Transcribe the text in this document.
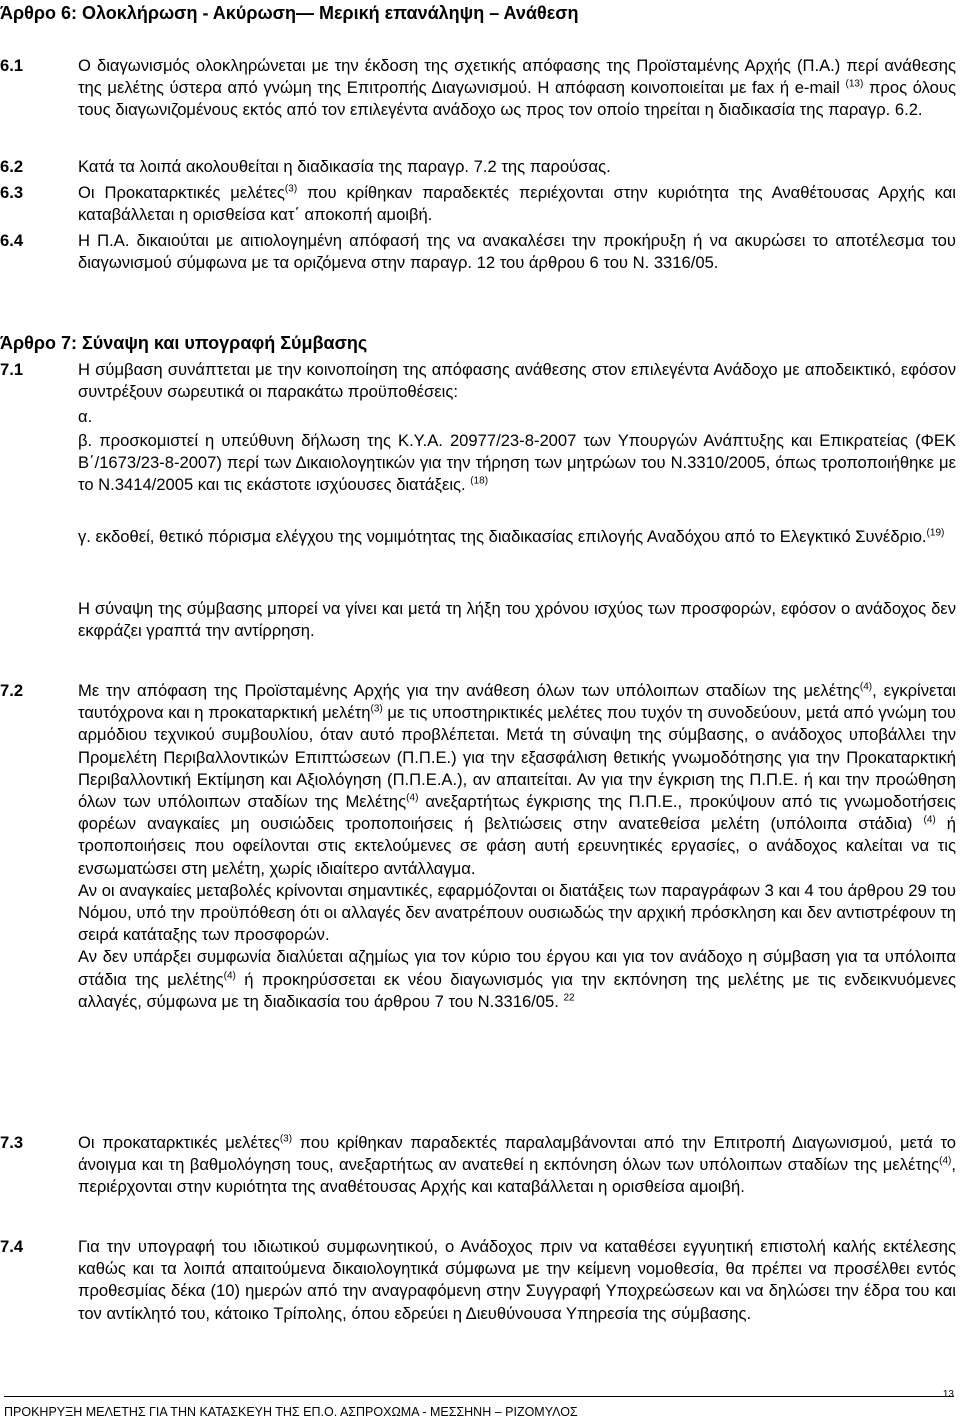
Άρθρο 6: Ολοκλήρωση - Ακύρωση— Μερική επανάληψη – Ανάθεση
6.1	Ο διαγωνισμός ολοκληρώνεται με την έκδοση της σχετικής απόφασης της Προϊσταμένης Αρχής (Π.Α.) περί ανάθεσης της μελέτης ύστερα από γνώμη της Επιτροπής Διαγωνισμού. Η απόφαση κοινοποιείται με fax ή e-mail $^{(13)}$ προς όλους τους διαγωνιζομένους εκτός από τον επιλεγέντα ανάδοχο ως προς τον οποίο τηρείται η διαδικασία της παραγρ. 6.2.
6.2	Κατά τα λοιπά ακολουθείται η διαδικασία της παραγρ. 7.2 της παρούσας.
6.3	Οι Προκαταρκτικές μελέτες$^{(3)}$ που κρίθηκαν παραδεκτές περιέχονται στην κυριότητα της Αναθέτουσας Αρχής και καταβάλλεται η ορισθείσα κατ΄ αποκοπή αμοιβή.
6.4	Η Π.Α. δικαιούται με αιτιολογημένη απόφασή της να ανακαλέσει την προκήρυξη ή να ακυρώσει το αποτέλεσμα του διαγωνισμού σύμφωνα με τα οριζόμενα στην παραγρ. 12 του άρθρου 6 του Ν. 3316/05.
Άρθρο 7: Σύναψη και υπογραφή Σύμβασης
7.1	Η σύμβαση συνάπτεται με την κοινοποίηση της απόφασης ανάθεσης στον επιλεγέντα Ανάδοχο με αποδεικτικό, εφόσον συντρέξουν σωρευτικά οι παρακάτω προϋποθέσεις:
α.
β. προσκομιστεί η υπεύθυνη δήλωση της Κ.Υ.Α. 20977/23-8-2007 των Υπουργών Ανάπτυξης και Επικρατείας (ΦΕΚ Β΄/1673/23-8-2007) περί των Δικαιολογητικών για την τήρηση των μητρώων του Ν.3310/2005, όπως τροποποιήθηκε με το Ν.3414/2005 και τις εκάστοτε ισχύουσες διατάξεις. $^{(18)}$
γ. εκδοθεί, θετικό πόρισμα ελέγχου της νομιμότητας της διαδικασίας επιλογής Αναδόχου από το Ελεγκτικό Συνέδριο.$^{(19)}$
Η σύναψη της σύμβασης μπορεί να γίνει και μετά τη λήξη του χρόνου ισχύος των προσφορών, εφόσον ο ανάδοχος δεν εκφράζει γραπτά την αντίρρηση.
7.2	Με την απόφαση της Προϊσταμένης Αρχής για την ανάθεση όλων των υπόλοιπων σταδίων της μελέτης$^{(4)}$, εγκρίνεται ταυτόχρονα και η προκαταρκτική μελέτη$^{(3)}$ με τις υποστηρικτικές μελέτες που τυχόν τη συνοδεύουν, μετά από γνώμη του αρμόδιου τεχνικού συμβουλίου, όταν αυτό προβλέπεται. Μετά τη σύναψη της σύμβασης, ο ανάδοχος υποβάλλει την Προμελέτη Περιβαλλοντικών Επιπτώσεων (Π.Π.Ε.) για την εξασφάλιση θετικής γνωμοδότησης για την Προκαταρκτική Περιβαλλοντική Εκτίμηση και Αξιολόγηση (Π.Π.Ε.Α.), αν απαιτείται. Αν για την έγκριση της Π.Π.Ε. ή και την προώθηση όλων των υπόλοιπων σταδίων της Μελέτης$^{(4)}$ ανεξαρτήτως έγκρισης της Π.Π.Ε., προκύψουν από τις γνωμοδοτήσεις φορέων αναγκαίες μη ουσιώδεις τροποποιήσεις ή βελτιώσεις στην ανατεθείσα μελέτη (υπόλοιπα στάδια) $^{(4)}$ ή τροποποιήσεις που οφείλονται στις εκτελούμενες σε φάση αυτή ερευνητικές εργασίες, ο ανάδοχος καλείται να τις ενσωματώσει στη μελέτη, χωρίς ιδιαίτερο αντάλλαγμα.
Αν οι αναγκαίες μεταβολές κρίνονται σημαντικές, εφαρμόζονται οι διατάξεις των παραγράφων 3 και 4 του άρθρου 29 του Νόμου, υπό την προϋπόθεση ότι οι αλλαγές δεν ανατρέπουν ουσιωδώς την αρχική πρόσκληση και δεν αντιστρέφουν τη σειρά κατάταξης των προσφορών.
Αν δεν υπάρξει συμφωνία διαλύεται αζημίως για τον κύριο του έργου και για τον ανάδοχο η σύμβαση για τα υπόλοιπα στάδια της μελέτης$^{(4)}$ ή προκηρύσσεται εκ νέου διαγωνισμός για την εκπόνηση της μελέτης με τις ενδεικνυόμενες αλλαγές, σύμφωνα με τη διαδικασία του άρθρου 7 του Ν.3316/05. $^{22}$
7.3	Οι προκαταρκτικές μελέτες$^{(3)}$ που κρίθηκαν παραδεκτές παραλαμβάνονται από την Επιτροπή Διαγωνισμού, μετά το άνοιγμα και τη βαθμολόγηση τους, ανεξαρτήτως αν ανατεθεί η εκπόνηση όλων των υπόλοιπων σταδίων της μελέτης$^{(4)}$, περιέρχονται στην κυριότητα της αναθέτουσας Αρχής και καταβάλλεται η ορισθείσα αμοιβή.
7.4	Για την υπογραφή του ιδιωτικού συμφωνητικού, ο Ανάδοχος πριν να καταθέσει εγγυητική επιστολή καλής εκτέλεσης καθώς και τα λοιπά απαιτούμενα δικαιολογητικά σύμφωνα με την κείμενη νομοθεσία, θα πρέπει να προσέλθει εντός προθεσμίας δέκα (10) ημερών από την αναγραφόμενη στην Συγγραφή Υποχρεώσεων και να δηλώσει την έδρα του και τον αντίκλητό του, κάτοικο Τρίπολης, όπου εδρεύει η Διευθύνουσα Υπηρεσία της σύμβασης.
ΠΡΟΚΗΡΥΞΗ ΜΕΛΕΤΗΣ ΓΙΑ ΤΗΝ ΚΑΤΑΣΚΕΥΗ ΤΗΣ ΕΠ.Ο. ΑΣΠΡΟΧΩΜΑ - ΜΕΣΣΗΝΗ – ΡΙΖΟΜΥΛΟΣ
13
